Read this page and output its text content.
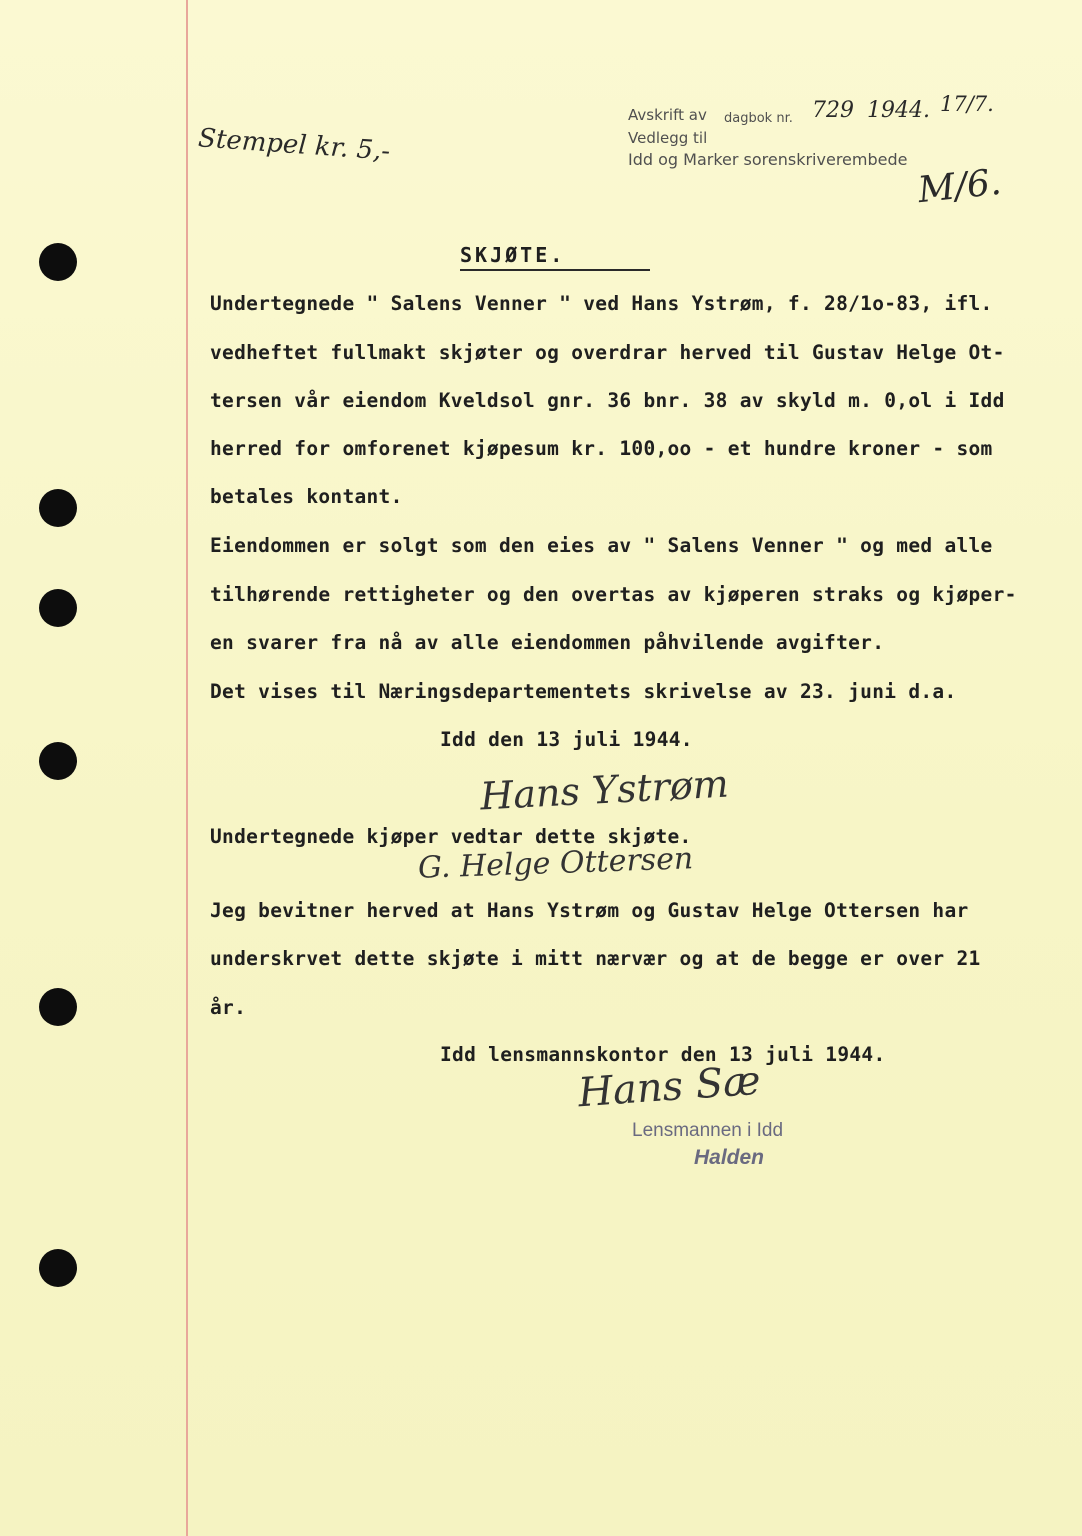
Stempel kr. 5,-
Avskrift av dagbok nr. 729 1944. 17/7.
Vedlegg til
Idd og Marker sorenskriverembede
M/6.
SKJØTE.
Undertegnede " Salens Venner " ved Hans Ystrøm, f. 28/1o-83, ifl.
vedheftet fullmakt skjøter og overdrar herved til Gustav Helge Ot-
tersen vår eiendom Kveldsol gnr. 36 bnr. 38 av skyld m. 0,ol i Idd
herred for omforenet kjøpesum kr. 100,oo - et hundre kroner - som
betales kontant.
Eiendommen er solgt som den eies av " Salens Venner " og med alle
tilhørende rettigheter og den overtas av kjøperen straks og kjøper-
en svarer fra nå av alle eiendommen påhvilende avgifter.
Det vises til Næringsdepartementets skrivelse av 23. juni d.a.
Idd den 13 juli 1944.
Hans Ystrøm
Undertegnede kjøper vedtar dette skjøte.
G. Helge Ottersen
Jeg bevitner herved at Hans Ystrøm og Gustav Helge Ottersen har
underskrvet dette skjøte i mitt nærvær og at de begge er over 21
år.
Idd lensmannskontor den 13 juli 1944.
Hans Sæ
Lensmannen i Idd
Halden
